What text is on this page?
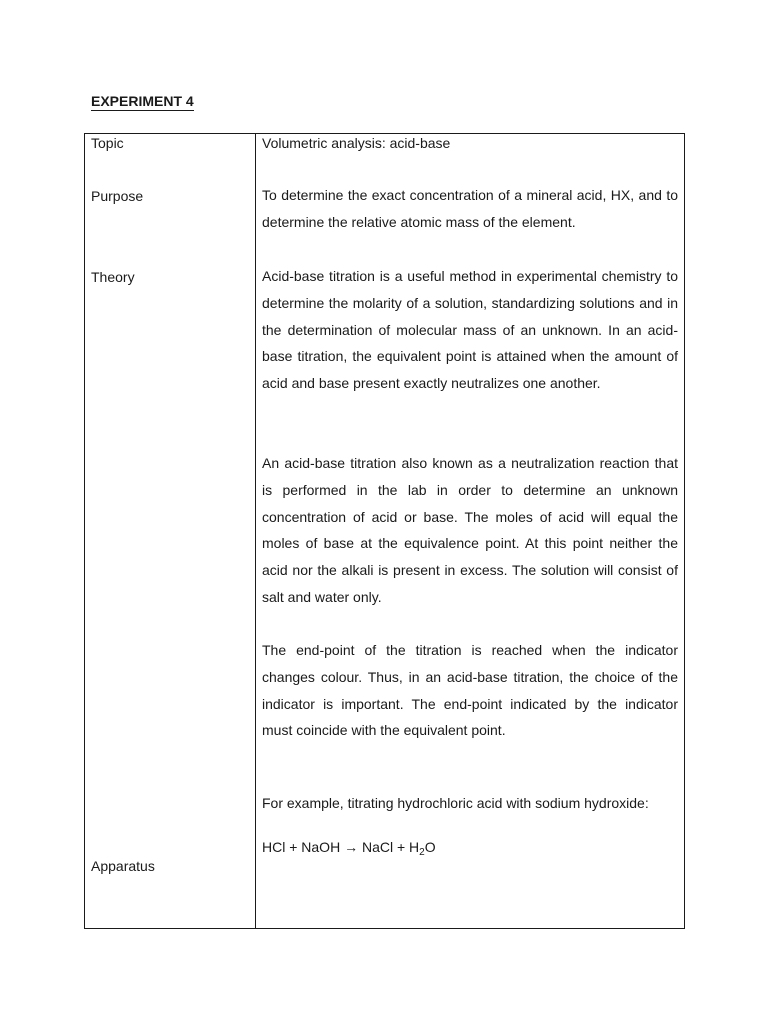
EXPERIMENT 4
Topic	Volumetric analysis: acid-base
Purpose	To determine the exact concentration of a mineral acid, HX, and to determine the relative atomic mass of the element.
Theory	Acid-base titration is a useful method in experimental chemistry to determine the molarity of a solution, standardizing solutions and in the determination of molecular mass of an unknown. In an acid-base titration, the equivalent point is attained when the amount of acid and base present exactly neutralizes one another.
An acid-base titration also known as a neutralization reaction that is performed in the lab in order to determine an unknown concentration of acid or base. The moles of acid will equal the moles of base at the equivalence point. At this point neither the acid nor the alkali is present in excess. The solution will consist of salt and water only.
The end-point of the titration is reached when the indicator changes colour. Thus, in an acid-base titration, the choice of the indicator is important. The end-point indicated by the indicator must coincide with the equivalent point.
For example, titrating hydrochloric acid with sodium hydroxide:
HCl + NaOH → NaCl + $H_2O$
Apparatus
